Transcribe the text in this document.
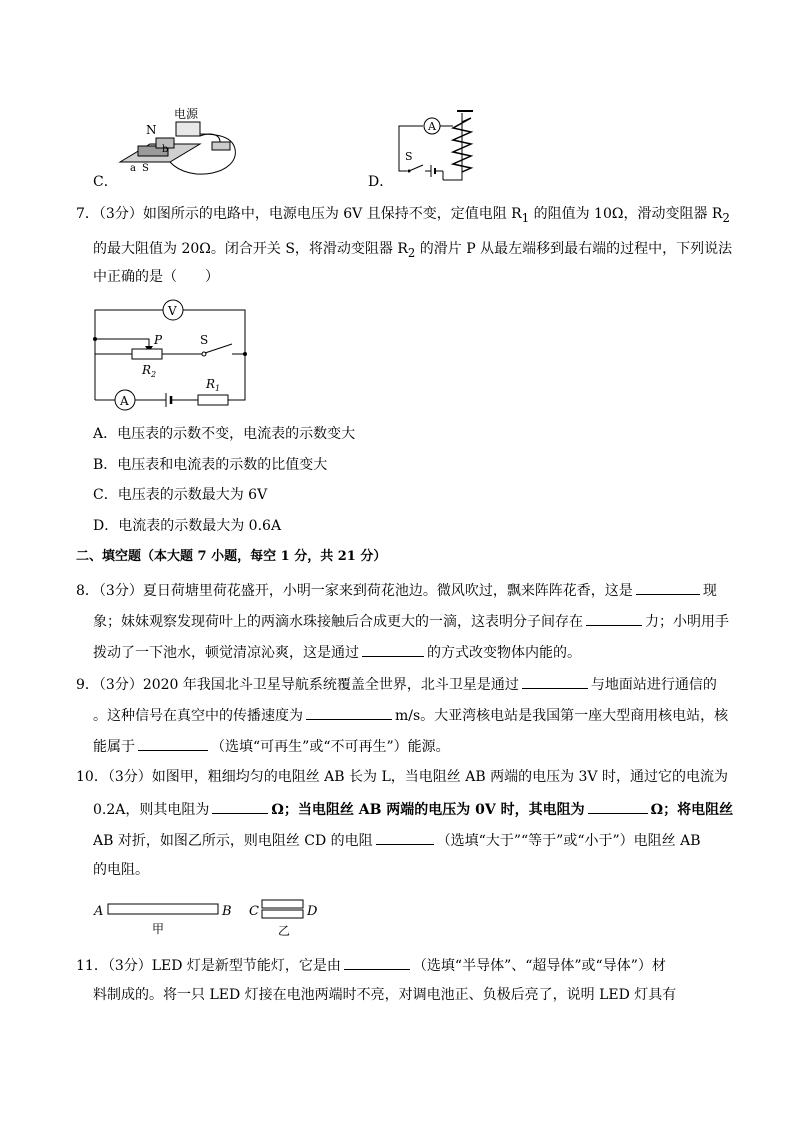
电源
N
b
a S
C．
A
S
D．
7．（3分）如图所示的电路中，电源电压为 6V 且保持不变，定值电阻 $R_1$ 的阻值为 10Ω，滑动变阻器 $R_2$
的最大阻值为 20Ω。闭合开关 S，将滑动变阻器 $R_2$ 的滑片 P 从最左端移到最右端的过程中，下列说法
中正确的是（　　）
V
P
$R_2$
S
A
$R_1$
A．电压表的示数不变，电流表的示数变大
B．电压表和电流表的示数的比值变大
C．电压表的示数最大为 6V
D．电流表的示数最大为 0.6A
二、填空题（本大题 7 小题，每空 1 分，共 21 分）
8．（3分）夏日荷塘里荷花盛开，小明一家来到荷花池边。微风吹过，飘来阵阵花香，这是	现
象；妹妹观察发现荷叶上的两滴水珠接触后合成更大的一滴，这表明分子间存在	力；小明用手
拨动了一下池水，顿觉清凉沁爽，这是通过	的方式改变物体内能的。
9．（3分）2020 年我国北斗卫星导航系统覆盖全世界，北斗卫星是通过	与地面站进行通信的
。这种信号在真空中的传播速度为	m/s。大亚湾核电站是我国第一座大型商用核电站，核
能属于	（选填“可再生”或“不可再生”）能源。
10．（3分）如图甲，粗细均匀的电阻丝 AB 长为 L，当电阻丝 AB 两端的电压为 3V 时，通过它的电流为
0.2A，则其电阻为	Ω；当电阻丝 AB 两端的电压为 0V 时，其电阻为	Ω；将电阻丝
AB 对折，如图乙所示，则电阻丝 CD 的电阻	（选填“大于”“等于”或“小于”）电阻丝 AB
的电阻。
A	B
甲
C	D
乙
11．（3分）LED 灯是新型节能灯，它是由	（选填“半导体”、“超导体”或“导体”）材
料制成的。将一只 LED 灯接在电池两端时不亮，对调电池正、负极后亮了，说明 LED 灯具有
